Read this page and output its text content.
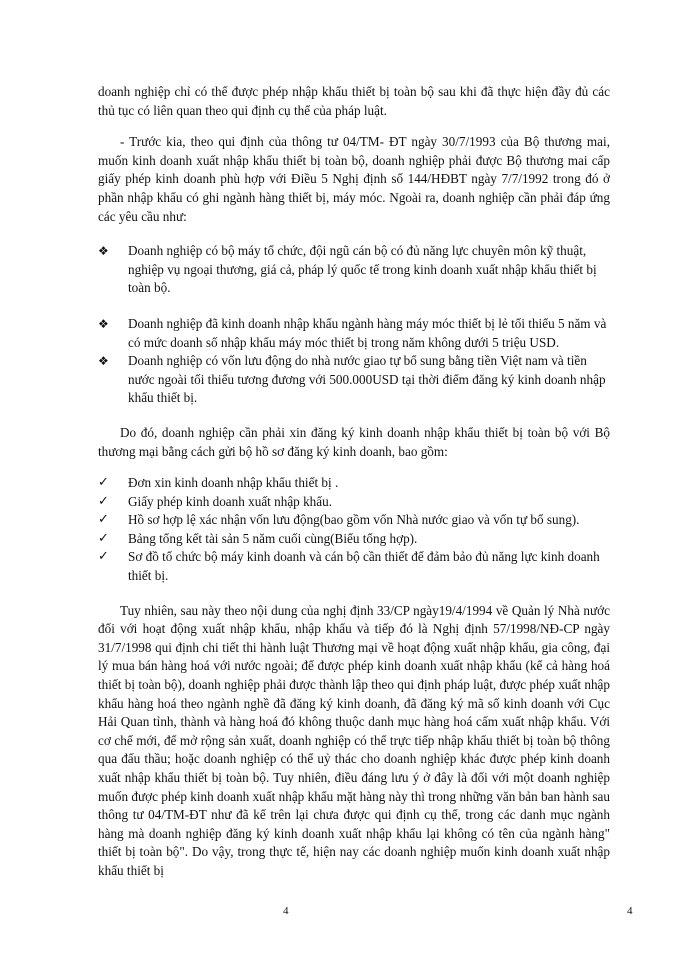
doanh nghiệp chỉ có thể được phép nhập khẩu thiết bị toàn bộ sau khi đã thực hiện đầy đủ các thủ tục có liên quan theo qui định cụ thể của pháp luật.

- Trước kia, theo qui định của thông tư 04/TM- ĐT ngày 30/7/1993 của Bộ thương mai, muốn kinh doanh xuất nhập khẩu thiết bị toàn bộ, doanh nghiệp phải được Bộ thương mai cấp giấy phép kinh doanh phù hợp với Điều 5 Nghị định số 144/HĐBT ngày 7/7/1992 trong đó ở phần nhập khẩu có ghi ngành hàng thiết bị, máy móc. Ngoài ra, doanh nghiệp cần phải đáp ứng các yêu cầu như:

❖	Doanh nghiệp có bộ máy tổ chức, đội ngũ cán bộ có đủ năng lực chuyên môn kỹ thuật, nghiệp vụ ngoại thương, giá cả, pháp lý quốc tế trong kinh doanh xuất nhập khẩu thiết bị toàn bộ.
❖	Doanh nghiệp đã kinh doanh nhập khẩu ngành hàng máy móc thiết bị lẻ tối thiểu 5 năm và có mức doanh số nhập khẩu máy móc thiết bị trong năm không dưới 5 triệu USD.
❖	Doanh nghiệp có vốn lưu động do nhà nước giao tự bổ sung bằng tiền Việt nam và tiền nước ngoài tối thiểu tương đương với 500.000USD tại thời điểm đăng ký kinh doanh nhập khẩu thiết bị.

Do đó, doanh nghiệp cần phải xin đăng ký kinh doanh nhập khẩu thiết bị toàn bộ với Bộ thương mại bằng cách gửi bộ hồ sơ đăng ký kinh doanh, bao gồm:

✓	Đơn xin kinh doanh nhập khẩu thiết bị .
✓	Giấy phép kinh doanh xuất nhập khẩu.
✓	Hồ sơ hợp lệ xác nhận vốn lưu động(bao gồm vốn Nhà nước giao và vốn tự bổ sung).
✓	Bảng tổng kết tài sản 5 năm cuối cùng(Biểu tổng hợp).
✓	Sơ đồ tổ chức bộ máy kinh doanh và cán bộ cần thiết để đảm bảo đủ năng lực kinh doanh thiết bị.

Tuy nhiên, sau này theo nội dung của nghị định 33/CP ngày19/4/1994 về Quản lý Nhà nước đối với hoạt động xuất nhập khẩu, nhập khẩu và tiếp đó là Nghị định 57/1998/NĐ-CP ngày 31/7/1998 qui định chi tiết thi hành luật Thương mại về hoạt động xuất nhập khẩu, gia công, đại lý mua bán hàng hoá với nước ngoài; để được phép kinh doanh xuất nhập khẩu (kể cả hàng hoá thiết bị toàn bộ), doanh nghiệp phải được thành lập theo qui định pháp luật, được phép xuất nhập khẩu hàng hoá theo ngành nghề đã đăng ký kinh doanh, đã đăng ký mã số kinh doanh với Cục Hải Quan tỉnh, thành và hàng hoá đó không thuộc danh mục hàng hoá cấm xuất nhập khẩu. Với cơ chế mới, để mở rộng sản xuất, doanh nghiệp có thể trực tiếp nhập khẩu thiết bị toàn bộ thông qua đấu thầu; hoặc doanh nghiệp có thể uỷ thác cho doanh nghiệp khác được phép kinh doanh xuất nhập khẩu thiết bị toàn bộ. Tuy nhiên, điều đáng lưu ý ở đây là đối với một doanh nghiệp muốn được phép kinh doanh xuất nhập khẩu mặt hàng này thì trong những văn bản ban hành sau thông tư 04/TM-ĐT như đã kể trên lại chưa được qui định cụ thể, trong các danh mục ngành hàng mà doanh nghiệp đăng ký kinh doanh xuất nhập khẩu lại không có tên của ngành hàng" thiết bị toàn bộ". Do vậy, trong thực tế, hiện nay các doanh nghiệp muốn kinh doanh xuất nhập khẩu thiết bị

4	4
